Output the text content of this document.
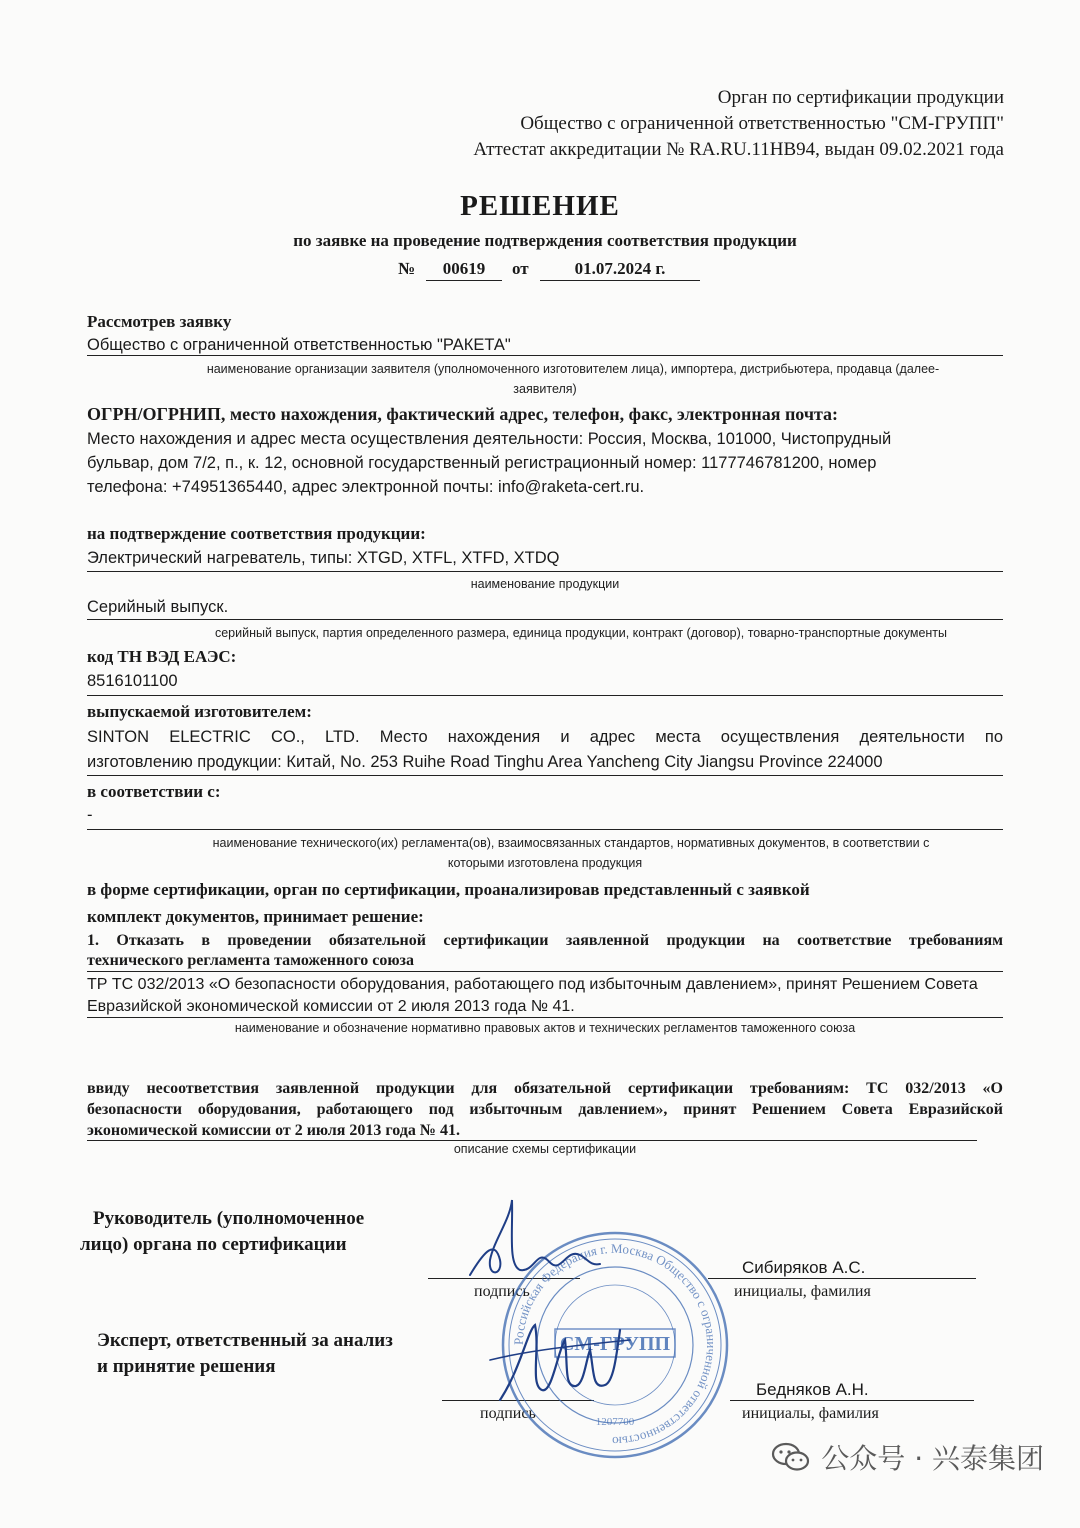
Орган по сертификации продукции
Общество с ограниченной ответственностью "СМ-ГРУПП"
Аттестат аккредитации № RA.RU.11НВ94, выдан 09.02.2021 года
РЕШЕНИЕ
по заявке на проведение подтверждения соответствия продукции
№	00619	от	01.07.2024 г.
Рассмотрев заявку
Общество с ограниченной ответственностью "РАКЕТА"
наименование организации заявителя (уполномоченного изготовителем лица), импортера, дистрибьютера, продавца (далее-
заявителя)
ОГРН/ОГРНИП, место нахождения, фактический адрес, телефон, факс, электронная почта:
Место нахождения и адрес места осуществления деятельности: Россия, Москва, 101000, Чистопрудный
бульвар, дом 7/2, п., к. 12, основной государственный регистрационный номер: 1177746781200, номер
телефона: +74951365440, адрес электронной почты: info@raketa-cert.ru.
на подтверждение соответствия продукции:
Электрический нагреватель, типы: XTGD, XTFL, XTFD, XTDQ
наименование продукции
Серийный выпуск.
серийный выпуск, партия определенного размера, единица продукции, контракт (договор), товарно-транспортные документы
код ТН ВЭД ЕАЭС:
8516101100
выпускаемой изготовителем:
SINTON ELECTRIC CO., LTD. Место нахождения и адрес места осуществления деятельности по
изготовлению продукции: Китай, No. 253 Ruihe Road Tinghu Area Yancheng City Jiangsu Province 224000
в соответствии с:
-
наименование технического(их) регламента(ов), взаимосвязанных стандартов, нормативных документов, в соответствии с
которыми изготовлена продукция
в форме сертификации, орган по сертификации, проанализировав представленный с заявкой
комплект документов, принимает решение:
1. Отказать в проведении обязательной сертификации заявленной продукции на соответствие требованиям
технического регламента таможенного союза
ТР ТС 032/2013 «О безопасности оборудования, работающего под избыточным давлением», принят Решением Совета
Евразийской экономической комиссии от 2 июля 2013 года № 41.
наименование и обозначение нормативно правовых актов и технических регламентов таможенного союза
ввиду несоответствия заявленной продукции для обязательной сертификации требованиям: ТС 032/2013 «О
безопасности оборудования, работающего под избыточным давлением», принят Решением Совета Евразийской
экономической комиссии от 2 июля 2013 года № 41.
описание схемы сертификации
Руководитель (уполномоченное
лицо) органа по сертификации
подпись
Сибиряков А.С.
инициалы, фамилия
Эксперт, ответственный за анализ
и принятие решения
подпись
Бедняков А.Н.
инициалы, фамилия
Российская Федерация г. Москва Общество с ограниченной ответственностью
СМ-ГРУПП
1207700
公众号 · 兴泰集团
